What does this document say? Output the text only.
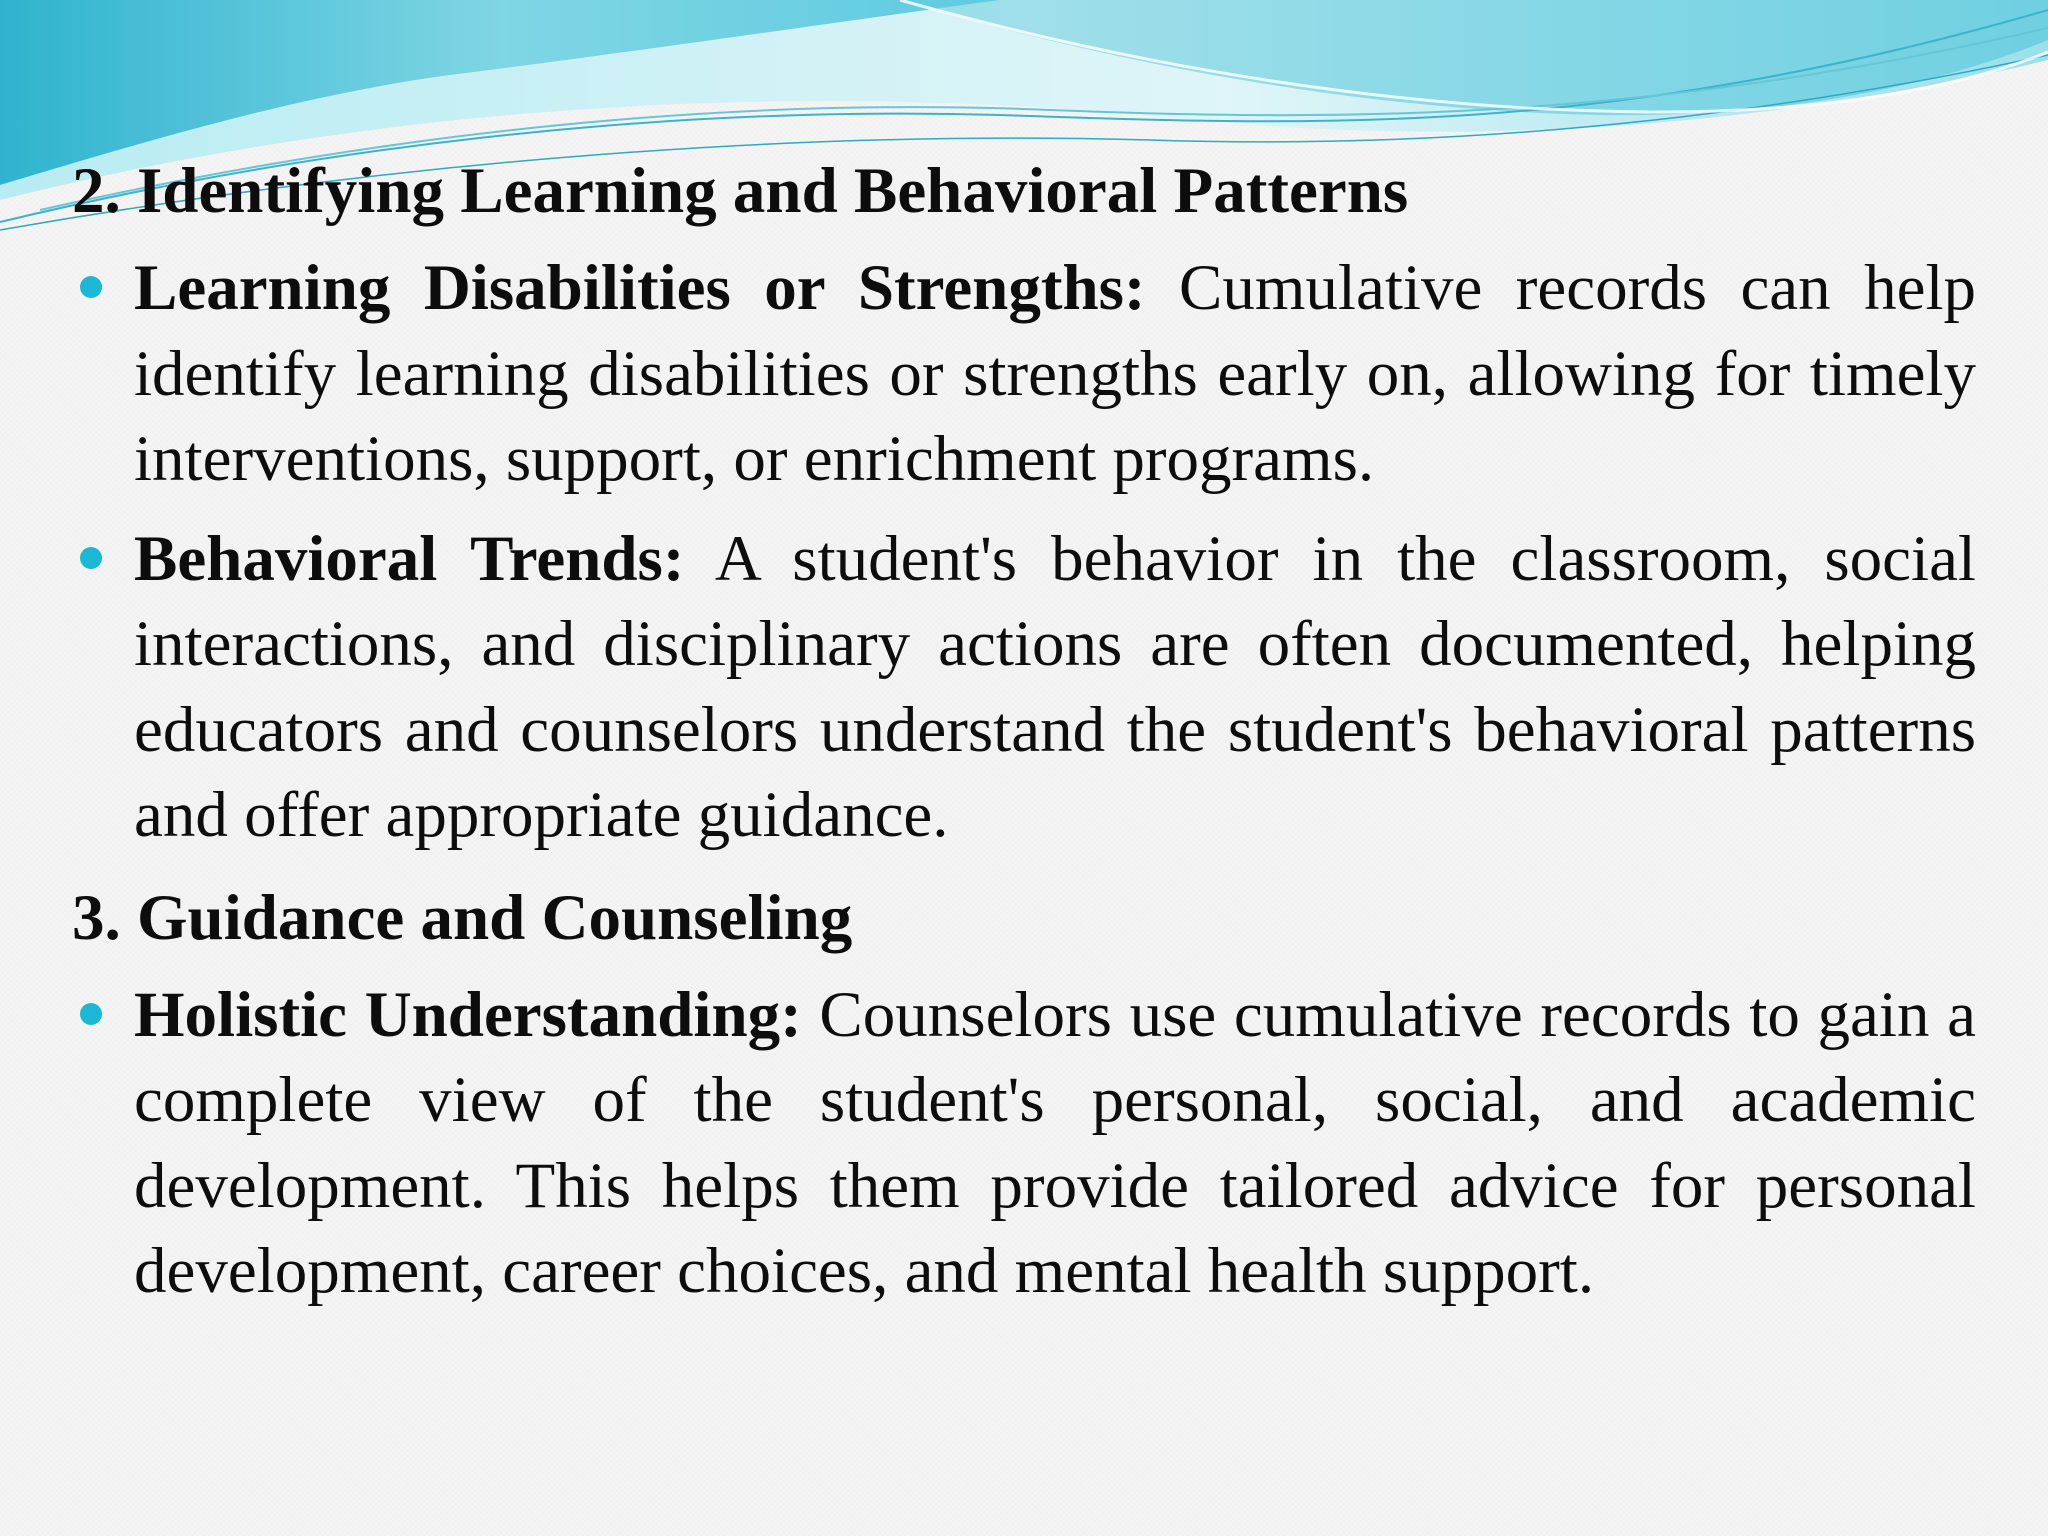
2. Identifying Learning and Behavioral Patterns
Learning Disabilities or Strengths: Cumulative records can help identify learning disabilities or strengths early on, allowing for timely interventions, support, or enrichment programs.
Behavioral Trends: A student's behavior in the classroom, social interactions, and disciplinary actions are often documented, helping educators and counselors understand the student's behavioral patterns and offer appropriate guidance.
3. Guidance and Counseling
Holistic Understanding: Counselors use cumulative records to gain a complete view of the student's personal, social, and academic development. This helps them provide tailored advice for personal development, career choices, and mental health support.
